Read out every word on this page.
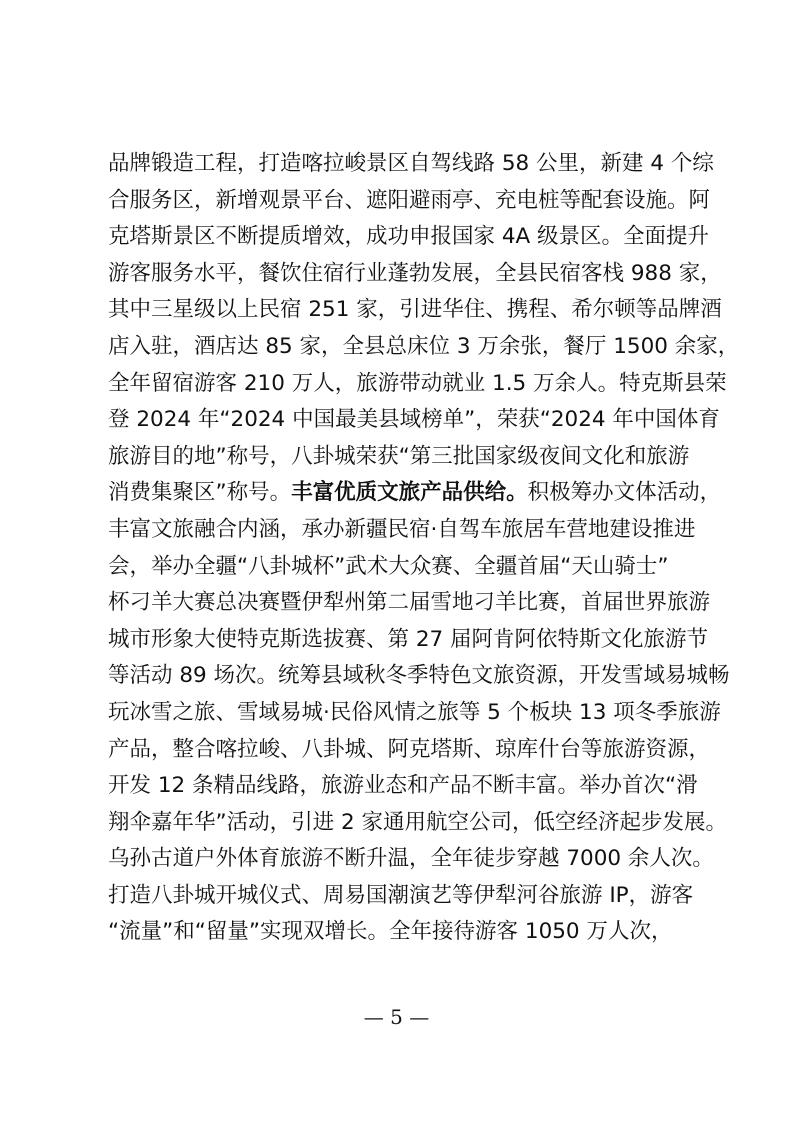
品牌锻造工程，打造喀拉峻景区自驾线路 58 公里，新建 4 个综
合服务区，新增观景平台、遮阳避雨亭、充电桩等配套设施。阿
克塔斯景区不断提质增效，成功申报国家 4A 级景区。全面提升
游客服务水平，餐饮住宿行业蓬勃发展，全县民宿客栈 988 家，
其中三星级以上民宿 251 家，引进华住、携程、希尔顿等品牌酒
店入驻，酒店达 85 家，全县总床位 3 万余张，餐厅 1500 余家，
全年留宿游客 210 万人，旅游带动就业 1.5 万余人。特克斯县荣
登 2024 年“2024 中国最美县域榜单”，荣获“2024 年中国体育
旅游目的地”称号，八卦城荣获“第三批国家级夜间文化和旅游
消费集聚区”称号。丰富优质文旅产品供给。积极筹办文体活动，
丰富文旅融合内涵，承办新疆民宿·自驾车旅居车营地建设推进
会，举办全疆“八卦城杯”武术大众赛、全疆首届“天山骑士”
杯刁羊大赛总决赛暨伊犁州第二届雪地刁羊比赛，首届世界旅游
城市形象大使特克斯选拔赛、第 27 届阿肯阿依特斯文化旅游节
等活动 89 场次。统筹县域秋冬季特色文旅资源，开发雪域易城畅
玩冰雪之旅、雪域易城·民俗风情之旅等 5 个板块 13 项冬季旅游
产品，整合喀拉峻、八卦城、阿克塔斯、琼库什台等旅游资源，
开发 12 条精品线路，旅游业态和产品不断丰富。举办首次“滑
翔伞嘉年华”活动，引进 2 家通用航空公司，低空经济起步发展。
乌孙古道户外体育旅游不断升温，全年徒步穿越 7000 余人次。
打造八卦城开城仪式、周易国潮演艺等伊犁河谷旅游 IP，游客
“流量”和“留量”实现双增长。全年接待游客 1050 万人次，
— 5 —
